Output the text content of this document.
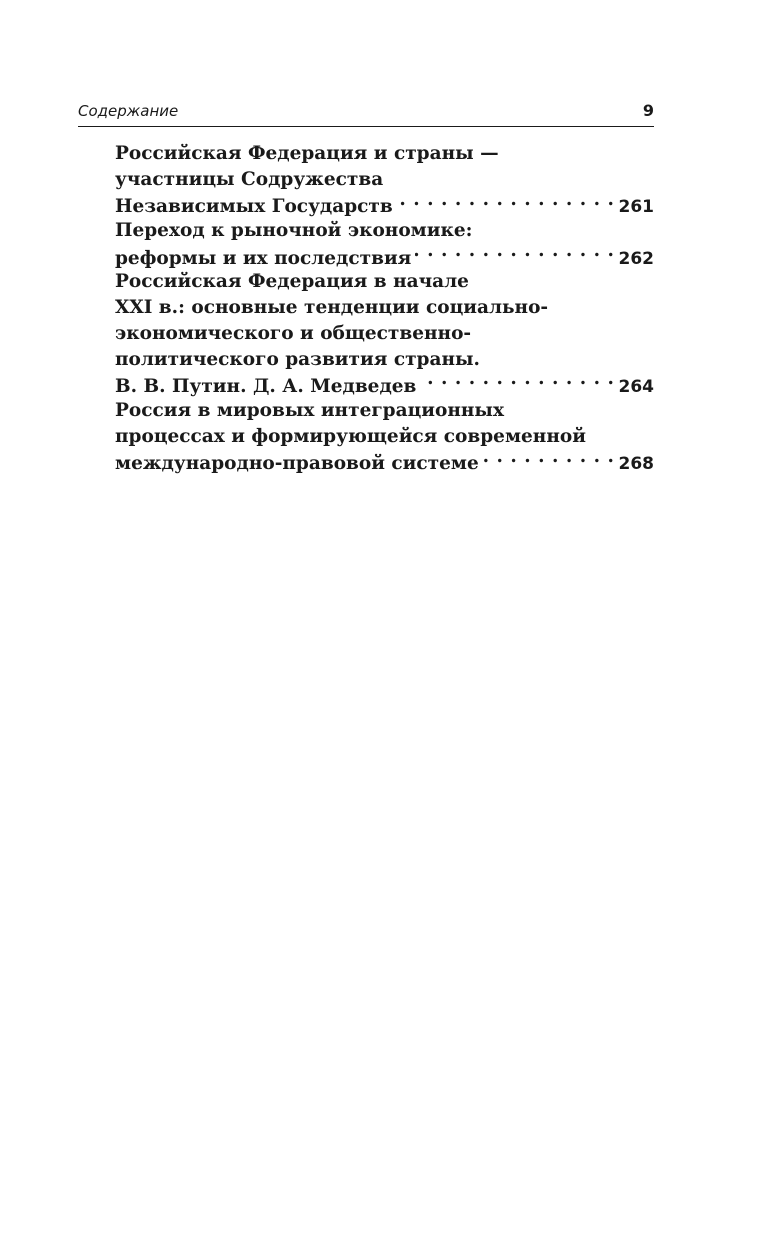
Содержание	9
Российская Федерация и страны —
участницы Содружества
Независимых Государств . . .	261
Переход к рыночной экономике:
реформы и их последствия . . .	262
Российская Федерация в начале
XXI в.: основные тенденции социально-
экономического и общественно-
политического развития страны.
В. В. Путин. Д. А. Медведев . . .	264
Россия в мировых интеграционных
процессах и формирующейся современной
международно-правовой системе . . .	268
